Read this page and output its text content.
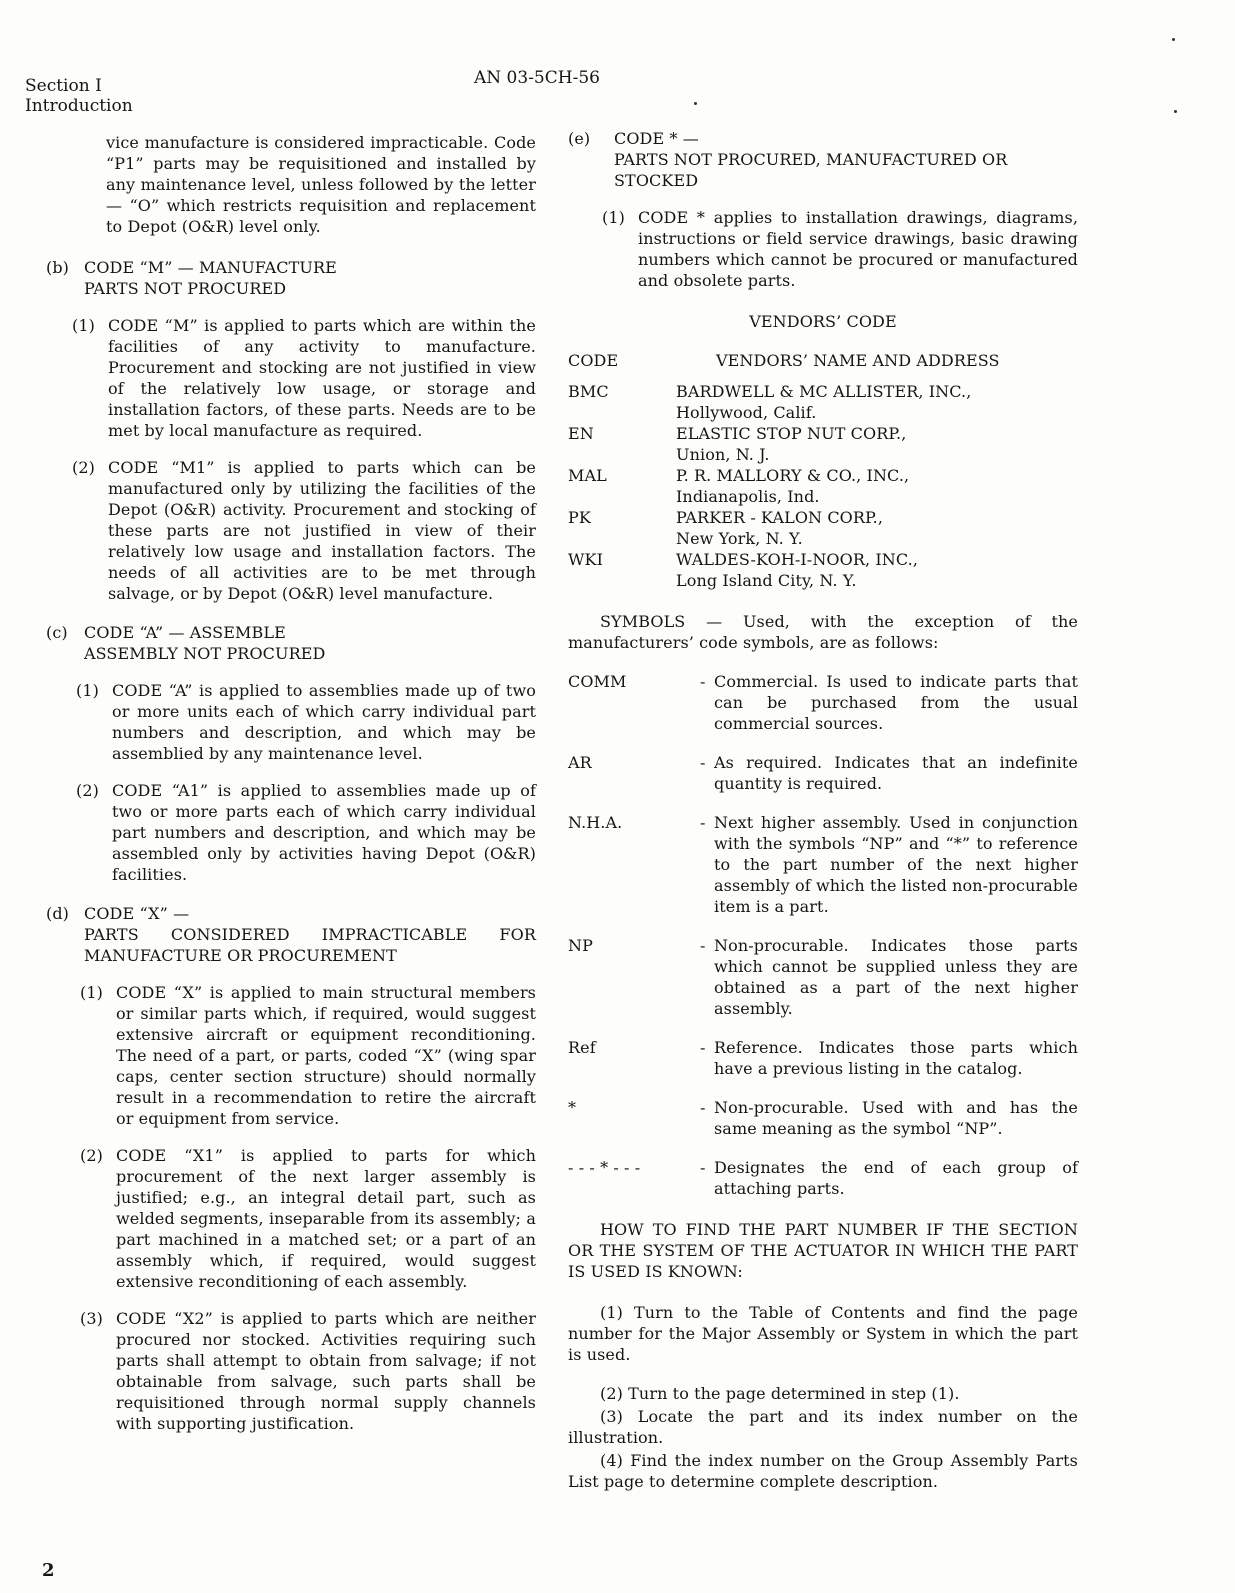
Section I
Introduction
AN 03-5CH-56

vice manufacture is considered impracticable. Code “P1” parts may be requisitioned and installed by any maintenance level, unless followed by the letter — “O” which restricts requisition and replacement to Depot (O&R) level only.

(b) CODE “M” — MANUFACTURE
PARTS NOT PROCURED
(1) CODE “M” is applied to parts which are within the facilities of any activity to manufacture. Procurement and stocking are not justified in view of the relatively low usage, or storage and installation factors, of these parts. Needs are to be met by local manufacture as required.
(2) CODE “M1” is applied to parts which can be manufactured only by utilizing the facilities of the Depot (O&R) activity. Procurement and stocking of these parts are not justified in view of their relatively low usage and installation factors. The needs of all activities are to be met through salvage, or by Depot (O&R) level manufacture.
(c)	CODE “A” — ASSEMBLE
ASSEMBLY NOT PROCURED
(1) CODE “A” is applied to assemblies made up of two or more units each of which carry individual part numbers and description, and which may be assemblied by any maintenance level.
(2) CODE “A1” is applied to assemblies made up of two or more parts each of which carry individual part numbers and description, and which may be assembled only by activities having Depot (O&R) facilities.
(d) CODE “X” —
PARTS CONSIDERED IMPRACTICABLE FOR MANUFACTURE OR PROCUREMENT
(1) CODE “X” is applied to main structural members or similar parts which, if required, would suggest extensive aircraft or equipment reconditioning. The need of a part, or parts, coded “X” (wing spar caps, center section structure) should normally result in a recommendation to retire the aircraft or equipment from service.
(2) CODE “X1” is applied to parts for which procurement of the next larger assembly is justified; e.g., an integral detail part, such as welded segments, inseparable from its assembly; a part machined in a matched set; or a part of an assembly which, if required, would suggest extensive reconditioning of each assembly.
(3) CODE “X2” is applied to parts which are neither procured nor stocked. Activities requiring such parts shall attempt to obtain from salvage; if not obtainable from salvage, such parts shall be requisitioned through normal supply channels with supporting justification.
(e)	CODE * —
PARTS NOT PROCURED, MANUFACTURED OR STOCKED
(1) CODE * applies to installation drawings, diagrams, instructions or field service drawings, basic drawing numbers which cannot be procured or manufactured and obsolete parts.
VENDORS’ CODE
CODE	VENDORS’ NAME AND ADDRESS
BMC	BARDWELL & MC ALLISTER, INC.,
Hollywood, Calif.
EN	ELASTIC STOP NUT CORP.,
Union, N. J.
MAL	P. R. MALLORY & CO., INC.,
Indianapolis, Ind.
PK	PARKER - KALON CORP.,
New York, N. Y.
WKI	WALDES-KOH-I-NOOR, INC.,
Long Island City, N. Y.

SYMBOLS — Used, with the exception of the manufacturers’ code symbols, are as follows:

COMM	- Commercial. Is used to indicate parts that can be purchased from the usual commercial sources.
AR	- As required. Indicates that an indefinite quantity is required.
N.H.A.	- Next higher assembly. Used in conjunction with the symbols “NP” and “*” to reference to the part number of the next higher assembly of which the listed non-procurable item is a part.
NP	- Non-procurable. Indicates those parts which cannot be supplied unless they are obtained as a part of the next higher assembly.
Ref	- Reference. Indicates those parts which have a previous listing in the catalog.
*	- Non-procurable. Used with and has the same meaning as the symbol “NP”.
- - - * - - -	- Designates the end of each group of attaching parts.

HOW TO FIND THE PART NUMBER IF THE SECTION OR THE SYSTEM OF THE ACTUATOR IN WHICH THE PART IS USED IS KNOWN:

(1) Turn to the Table of Contents and find the page number for the Major Assembly or System in which the part is used.

(2) Turn to the page determined in step (1).

(3) Locate the part and its index number on the illustration.

(4) Find the index number on the Group Assembly Parts List page to determine complete description.

2
